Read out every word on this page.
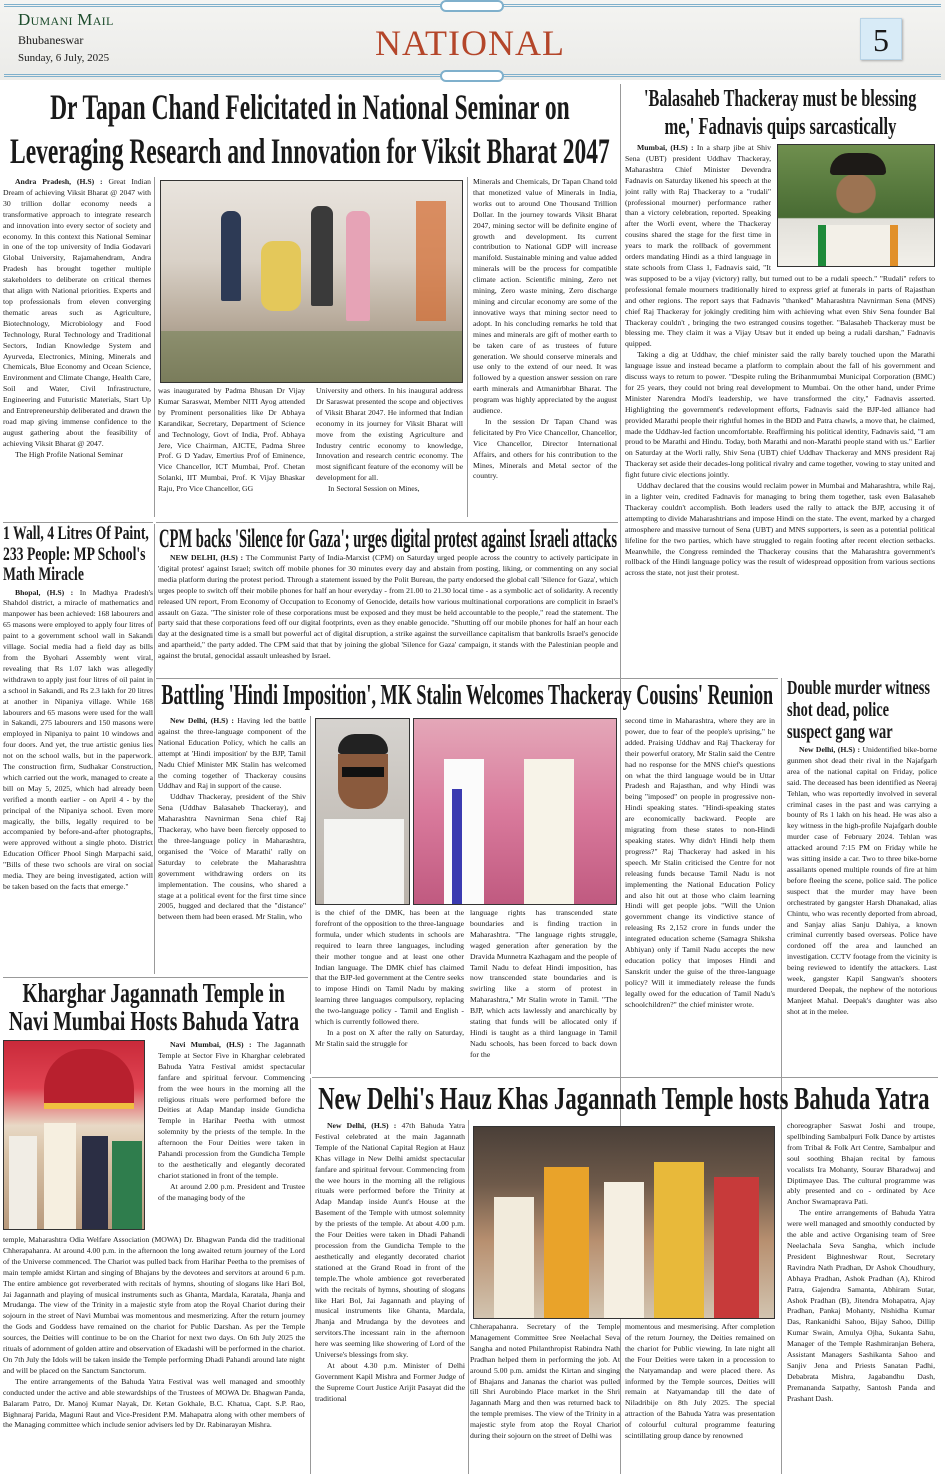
Dumani Mail
Bhubaneswar
Sunday, 6 July, 2025	NATIONAL	5
Dr Tapan Chand Felicitated in National Seminar on
Leveraging Research and Innovation for Viksit Bharat 2047

Andra Pradesh, (H.S) : Great Indian Dream of achieving Viksit Bharat @ 2047 with 30 trillion dollar economy needs a transformative approach to integrate research and innovation into every sector of society and economy. In this context this National Seminar in one of the top university of India Godavari Global University, Rajamahendram, Andra Pradesh has brought together multiple stakeholders to deliberate on critical themes that align with National priorities. Experts and top professionals from eleven converging thematic areas such as Agriculture, Biotechnology, Microbiology and Food Technology, Rural Technology and Traditional Sectors, Indian Knowledge System and Ayurveda, Electronics, Mining, Minerals and Chemicals, Blue Economy and Ocean Science, Environment and Climate Change, Health Care, Soil and Water, Civil Infrastructure, Engineering and Futuristic Materials, Start Up and Entrepreneurship deliberated and drawn the road map giving immense confidence to the august gathering about the feasibility of achieving Viksit Bharat @ 2047.

The High Profile National Seminar

was inaugurated by Padma Bhusan Dr Vijay Kumar Saraswat, Member NITI Ayog attended by Prominent personalities like Dr Abhaya Karandikar, Secretary, Department of Science and Technology, Govt of India, Prof. Abhaya Jere, Vice Chairman, AICTE, Padma Shree Prof. G D Yadav, Emertius Prof of Eminence, Vice Chancellor, ICT Mumbai, Prof. Chetan Solanki, IIT Mumbai, Prof. K Vijay Bhaskar Raju, Pro Vice Chancellor, GG

University and others. In his inaugural address Dr Saraswat presented the scope and objectives of Viksit Bharat 2047. He informed that Indian economy in its journey for Viksit Bharat will move from the existing Agriculture and Industry centric economy to knowledge, Innovation and research centric economy. The most significant feature of the economy will be development for all.

In Sectoral Session on Mines,

Minerals and Chemicals, Dr Tapan Chand told that monetized value of Minerals in India, works out to around One Thousand Trillion Dollar. In the journey towards Viksit Bharat 2047, mining sector will be definite engine of growth and development. Its current contribution to National GDP will increase manifold. Sustainable mining and value added minerals will be the process for compatible climate action. Scientific mining, Zero net mining, Zero waste mining, Zero discharge mining and circular economy are some of the innovative ways that mining sector need to adopt. In his concluding remarks he told that mines and minerals are gift of mother earth to be taken care of as trustees of future generation. We should conserve minerals and use only to the extend of our need. It was followed by a question answer session on rare earth minerals and Atmanirbhar Bharat. The program was highly appreciated by the august audience.

In the session Dr Tapan Chand was felicitated by Pro Vice Chancellor, Chancellor, Vice Chancellor, Director International Affairs, and others for his contribution to the Mines, Minerals and Metal sector of the country.

'Balasaheb Thackeray must be blessing
me,' Fadnavis quips sarcastically

Mumbai, (H.S) : In a sharp jibe at Shiv Sena (UBT) president Uddhav Thackeray, Maharashtra Chief Minister Devendra Fadnavis on Saturday likened his speech at the joint rally with Raj Thackeray to a "rudali" (professional mourner) performance rather than a victory celebration, reported. Speaking after the Worli event, where the Thackeray cousins shared the stage for the first time in years to mark the rollback of government orders mandating Hindi as a third language in state schools from Class 1, Fadnavis said, "It was supposed to be a vijay (victory) rally, but turned out to be a rudali speech." "Rudali" refers to professional female mourners traditionally hired to express grief at funerals in parts of Rajasthan and other regions. The report says that Fadnavis "thanked" Maharashtra Navnirman Sena (MNS) chief Raj Thackeray for jokingly crediting him with achieving what even Shiv Sena founder Bal Thackeray couldn't , bringing the two estranged cousins together. "Balasaheb Thackeray must be blessing me. They claim it was a Vijay Utsav but it ended up being a rudali darshan," Fadnavis quipped.

Taking a dig at Uddhav, the chief minister said the rally barely touched upon the Marathi language issue and instead became a platform to complain about the fall of his government and discuss ways to return to power. "Despite ruling the Brihanmumbai Municipal Corporation (BMC) for 25 years, they could not bring real development to Mumbai. On the other hand, under Prime Minister Narendra Modi's leadership, we have transformed the city," Fadnavis asserted. Highlighting the government's redevelopment efforts, Fadnavis said the BJP-led alliance had provided Marathi people their rightful homes in the BDD and Patra chawls, a move that, he claimed, made the Uddhav-led faction uncomfortable. Reaffirming his political identity, Fadnavis said, "I am proud to be Marathi and Hindu. Today, both Marathi and non-Marathi people stand with us." Earlier on Saturday at the Worli rally, Shiv Sena (UBT) chief Uddhav Thackeray and MNS president Raj Thackeray set aside their decades-long political rivalry and came together, vowing to stay united and fight future civic elections jointly.

Uddhav declared that the cousins would reclaim power in Mumbai and Maharashtra, while Raj, in a lighter vein, credited Fadnavis for managing to bring them together, task even Balasaheb Thackeray couldn't accomplish. Both leaders used the rally to attack the BJP, accusing it of attempting to divide Maharashtrians and impose Hindi on the state. The event, marked by a charged atmosphere and massive turnout of Sena (UBT) and MNS supporters, is seen as a potential political lifeline for the two parties, which have struggled to regain footing after recent election setbacks. Meanwhile, the Congress reminded the Thackeray cousins that the Maharashtra government's rollback of the Hindi language policy was the result of widespread opposition from various sections across the state, not just their protest.

CPM backs 'Silence for Gaza'; urges digital protest against Israeli attacks

NEW DELHI, (H.S) : The Communist Party of India-Marxist (CPM) on Saturday urged people across the country to actively participate in 'digital protest' against Israel; switch off mobile phones for 30 minutes every day and abstain from posting, liking, or commenting on any social media platform during the protest period. Through a statement issued by the Polit Bureau, the party endorsed the global call 'Silence for Gaza', which urges people to switch off their mobile phones for half an hour everyday - from 21.00 to 21.30 local time - as a symbolic act of solidarity. A recently released UN report, From Economy of Occupation to Economy of Genocide, details how various multinational corporations are complicit in Israel's assault on Gaza. "The sinister role of these corporations must be exposed and they must be held accountable to the people," read the statement. The party said that these corporations feed off our digital footprints, even as they enable genocide. "Shutting off our mobile phones for half an hour each day at the designated time is a small but powerful act of digital disruption, a strike against the surveillance capitalism that bankrolls Israel's genocide and apartheid," the party added. The CPM said that that by joining the global 'Silence for Gaza' campaign, it stands with the Palestinian people and against the brutal, genocidal assault unleashed by Israel.

1 Wall, 4 Litres Of Paint, 233 People: MP School's Math Miracle

Bhopal, (H.S) : In Madhya Pradesh's Shahdol district, a miracle of mathematics and manpower has been achieved: 168 labourers and 65 masons were employed to apply four litres of paint to a government school wall in Sakandi village. Social media had a field day as bills from the Byohari Assembly went viral, revealing that Rs 1.07 lakh was allegedly withdrawn to apply just four litres of oil paint in a school in Sakandi, and Rs 2.3 lakh for 20 litres at another in Nipaniya village. While 168 labourers and 65 masons were used for the wall in Sakandi, 275 labourers and 150 masons were employed in Nipaniya to paint 10 windows and four doors. And yet, the true artistic genius lies not on the school walls, but in the paperwork. The construction firm, Sudhakar Construction, which carried out the work, managed to create a bill on May 5, 2025, which had already been verified a month earlier - on April 4 - by the principal of the Nipaniya school. Even more magically, the bills, legally required to be accompanied by before-and-after photographs, were approved without a single photo. District Education Officer Phool Singh Marpachi said, "Bills of these two schools are viral on social media. They are being investigated, action will be taken based on the facts that emerge."

Battling 'Hindi Imposition', MK Stalin Welcomes Thackeray Cousins' Reunion

New Delhi, (H.S) : Having led the battle against the three-language component of the National Education Policy, which he calls an attempt at 'Hindi imposition' by the BJP, Tamil Nadu Chief Minister MK Stalin has welcomed the coming together of Thackeray cousins Uddhav and Raj in support of the cause.

Uddhav Thackeray, president of the Shiv Sena (Uddhav Balasaheb Thackeray), and Maharashtra Navnirman Sena chief Raj Thackeray, who have been fiercely opposed to the three-language policy in Maharashtra, organised the 'Voice of Marathi' rally on Saturday to celebrate the Maharashtra government withdrawing orders on its implementation. The cousins, who shared a stage at a political event for the first time since 2005, hugged and declared that the "distance" between them had been erased. Mr Stalin, who	is the chief of the DMK, has been at the forefront of the opposition to the three-language formula, under which students in schools are required to learn three languages, including their mother tongue and at least one other Indian language. The DMK chief has claimed that the BJP-led government at the Centre seeks to impose Hindi on Tamil Nadu by making learning three languages compulsory, replacing the two-language policy - Tamil and English - which is currently followed there.

In a post on X after the rally on Saturday, Mr Stalin said the struggle for

language rights has transcended state boundaries and is finding traction in Maharashtra. "The language rights struggle, waged generation after generation by the Dravida Munnetra Kazhagam and the people of Tamil Nadu to defeat Hindi imposition, has now transcended state boundaries and is swirling like a storm of protest in Maharashtra," Mr Stalin wrote in Tamil. "The BJP, which acts lawlessly and anarchically by stating that funds will be allocated only if Hindi is taught as a third language in Tamil Nadu schools, has been forced to back down for the

second time in Maharashtra, where they are in power, due to fear of the people's uprising," he added. Praising Uddhav and Raj Thackeray for their powerful oratory, Mr Stalin said the Centre had no response for the MNS chief's questions on what the third language would be in Uttar Pradesh and Rajasthan, and why Hindi was being "imposed" on people in progressive non-Hindi speaking states. "Hindi-speaking states are economically backward. People are migrating from these states to non-Hindi speaking states. Why didn't Hindi help them progress?" Raj Thackeray had asked in his speech. Mr Stalin criticised the Centre for not releasing funds because Tamil Nadu is not implementing the National Education Policy and also hit out at those who claim learning Hindi will get people jobs. "Will the Union government change its vindictive stance of releasing Rs 2,152 crore in funds under the integrated education scheme (Samagra Shiksha Abhiyan) only if Tamil Nadu accepts the new education policy that imposes Hindi and Sanskrit under the guise of the three-language policy? Will it immediately release the funds legally owed for the education of Tamil Nadu's schoolchildren?" the chief minister wrote.

Double murder witness shot dead, police suspect gang war

New Delhi, (H.S) : Unidentified bike-borne gunmen shot dead their rival in the Najafgarh area of the national capital on Friday, police said. The deceased has been identified as Neeraj Tehlan, who was reportedly involved in several criminal cases in the past and was carrying a bounty of Rs 1 lakh on his head. He was also a key witness in the high-profile Najafgarh double murder case of February 2024. Tehlan was attacked around 7:15 PM on Friday while he was sitting inside a car. Two to three bike-borne assailants opened multiple rounds of fire at him before fleeing the scene, police said. The police suspect that the murder may have been orchestrated by gangster Harsh Dhanakad, alias Chintu, who was recently deported from abroad, and Sanjay alias Sanju Dahiya, a known criminal currently based overseas. Police have cordoned off the area and launched an investigation. CCTV footage from the vicinity is being reviewed to identify the attackers. Last week, gangster Kapil Sangwan's shooters murdered Deepak, the nephew of the notorious Manjeet Mahal. Deepak's daughter was also shot at in the melee.

Kharghar Jagannath Temple in
Navi Mumbai Hosts Bahuda Yatra

Navi Mumbai, (H.S) : The Jagannath Temple at Sector Five in Kharghar celebrated Bahuda Yatra Festival amidst spectacular fanfare and spiritual fervour. Commencing from the wee hours in the morning all the religious rituals were performed before the Deities at Adap Mandap inside Gundicha Temple in Harihar Peetha with utmost solemnity by the priests of the temple. In the afternoon the Four Deities were taken in Pahandi procession from the Gundicha Temple to the aesthetically and elegantly decorated chariot stationed in front of the temple.

At around 2.00 p.m. President and Trustee of the managing body of the

temple, Maharashtra Odia Welfare Association (MOWA) Dr. Bhagwan Panda did the traditional Chherapahanra. At around 4.00 p.m. in the afternoon the long awaited return journey of the Lord of the Universe commenced. The Chariot was pulled back from Harihar Peetha to the premises of main temple amidst Kirtan and singing of Bhajans by the devotees and servitors at around 6 p.m. The entire ambience got reverberated with recitals of hymns, shouting of slogans like Hari Bol, Jai Jagannath and playing of musical instruments such as Ghanta, Mardala, Karatala, Jhanja and Mrudanga. The view of the Trinity in a majestic style from atop the Royal Chariot during their sojourn in the street of Navi Mumbai was momentous and mesmerizing. After the return journey the Gods and Goddess have remained on the chariot for Public Darshan. As per the Temple sources, the Deities will continue to be on the Chariot for next two days. On 6th July 2025 the rituals of adornment of golden attire and observation of Ekadashi will be performed in the chariot. On 7th July the Idols will be taken inside the Temple performing Dhadi Pahandi around late night and will be placed on the Sanctum Sanctorum.

The entire arrangements of the Bahuda Yatra Festival was well managed and smoothly conducted under the active and able stewardships of the Trustees of MOWA Dr. Bhagwan Panda, Balaram Patro, Dr. Manoj Kumar Nayak, Dr. Ketan Gokhale, B.C. Khatua, Capt. S.P. Rao, Bighnaraj Parida, Maguni Raut and Vice-President P.M. Mahapatra along with other members of the Managing committee which include senior advisers led by Dr. Rabinarayan Mishra.

New Delhi's Hauz Khas Jagannath Temple hosts Bahuda Yatra

New Delhi, (H.S) : 47th Bahuda Yatra Festival celebrated at the main Jagannath Temple of the National Capital Region at Hauz Khas village in New Delhi amidst spectacular fanfare and spiritual fervour. Commencing from the wee hours in the morning all the religious rituals were performed before the Trinity at Adap Mandap inside Aunt's House at the Basement of the Temple with utmost solemnity by the priests of the temple. At about 4.00 p.m. the Four Deities were taken in Dhadi Pahandi procession from the Gundicha Temple to the aesthetically and elegantly decorated chariot stationed at the Grand Road in front of the temple.The whole ambience got reverberated with the recitals of hymns, shouting of slogans like Hari Bol, Jai Jagannath and playing of musical instruments like Ghanta, Mardala, Jhanja and Mrudanga by the devotees and servitors.The incessant rain in the afternoon here was seeming like showering of Lord of the Universe's blessings from sky.

At about 4.30 p.m. Minister of Delhi Government Kapil Mishra and Former Judge of the Supreme Court Justice Arijit Pasayat did the traditional

Chherapahanra. Secretary of the Temple Management Committee Sree Neelachal Seva Sangha and noted Philanthropist Rabindra Nath Pradhan helped them in performing the job. At around 5.00 p.m. amidst the Kirtan and singing of Bhajans and Jananas the chariot was pulled till Shri Aurobindo Place market in the Shri Jagannath Marg and then was returned back to the temple premises. The view of the Trinity in a majestic style from atop the Royal Chariot during their sojourn on the street of Delhi was

momentous and mesmerising. After completion of the return Journey, the Deities remained on the chariot for Public viewing. In late night all the Four Deities were taken in a procession to the Natyamandap and were placed there. As informed by the Temple sources, Deities will remain at Natyamandap till the date of Niladribije on 8th July 2025. The special attraction of the Bahuda Yatra was presentation of colourful cultural programme featuring scintillating group dance by renowned

choreographer Saswat Joshi and troupe, spellbinding Sambalpuri Folk Dance by artistes from Tribal & Folk Art Centre, Sambalpur and soul soothing Bhajan recital by famous vocalists Ira Mohanty, Sourav Bharadwaj and Diptimayee Das. The cultural programme was ably presented and co - ordinated by Ace Anchor Swarnaprava Pati.

The entire arrangements of Bahuda Yatra were well managed and smoothly conducted by the able and active Organising team of Sree Neelachala Seva Sangha, which include President Bighneshwar Rout, Secretary Ravindra Nath Pradhan, Dr Ashok Choudhury, Abhaya Pradhan, Ashok Pradhan (A), Khirod Patra, Gajendra Samanta, Abhiram Sutar, Ashok Pradhan (B), Jitendra Mohapatra, Ajay Pradhan, Pankaj Mohanty, Nishidha Kumar Das, Rankanidhi Sahoo, Bijay Sahoo, Dillip Kumar Swain, Amulya Ojha, Sukanta Sahu, Manager of the Temple Rashmiranjan Behera, Assistant Managers Sashikanta Sahoo and Sanjiv Jena and Priests Sanatan Padhi, Debabrata Mishra, Jagabandhu Dash, Premananda Satpathy, Santosh Panda and Prashant Dash.
